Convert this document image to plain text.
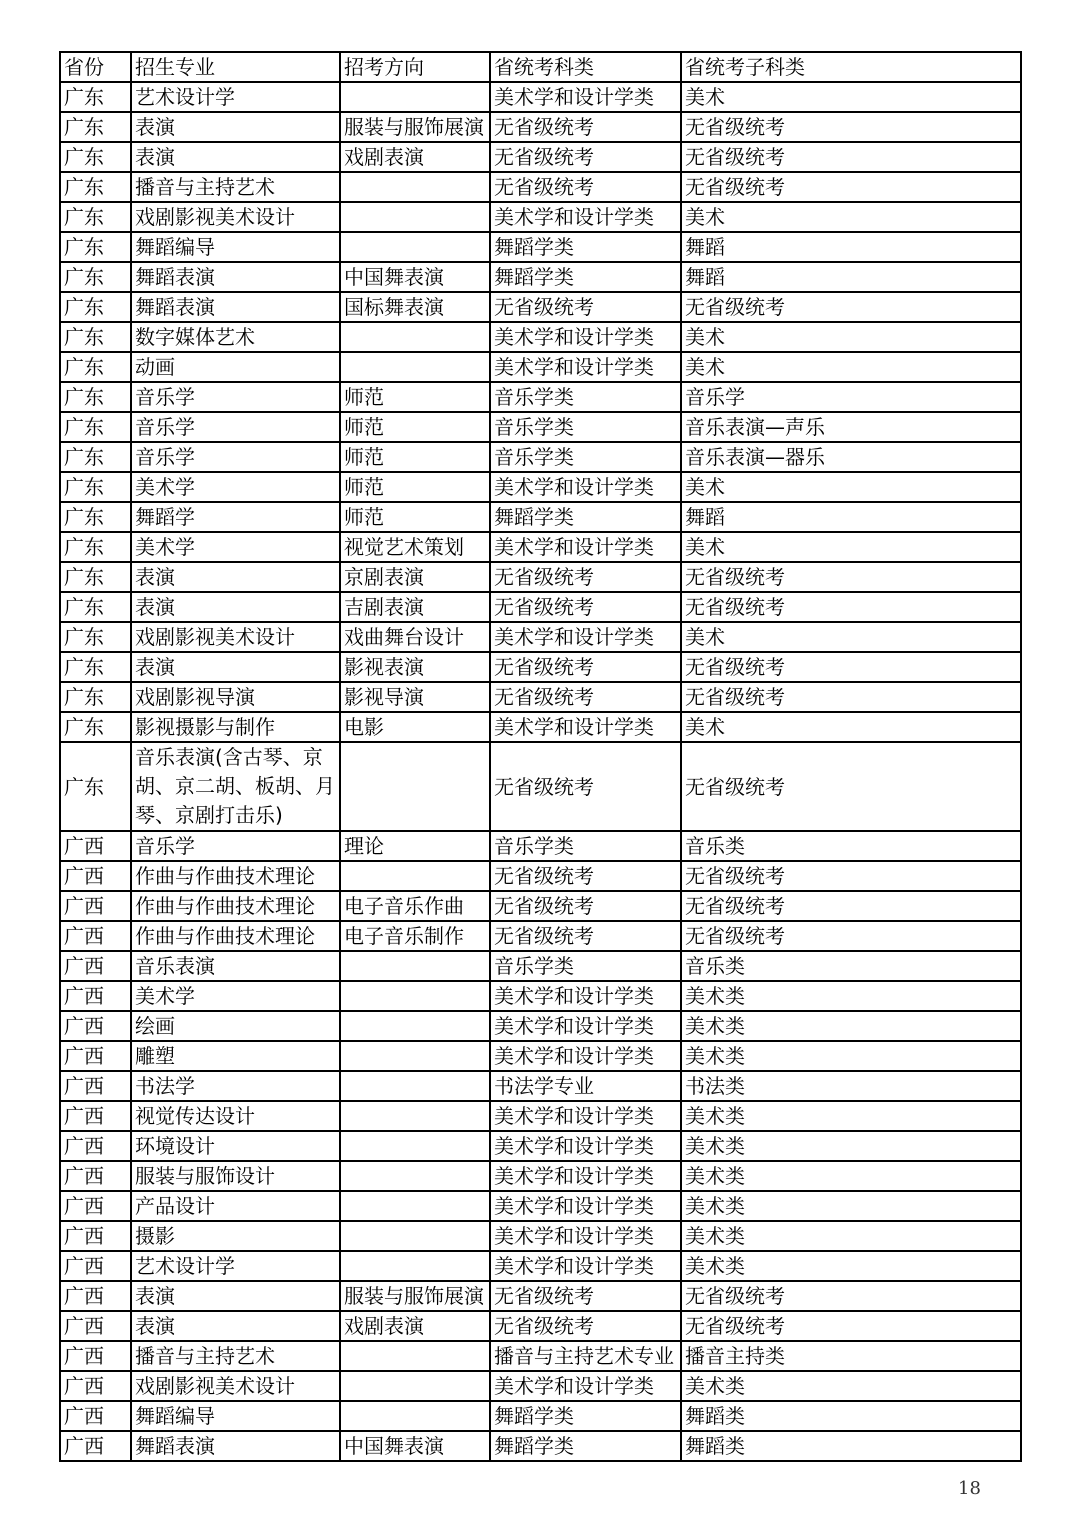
省份	招生专业	招考方向	省统考科类	省统考子科类
广东	艺术设计学		美术学和设计学类	美术
广东	表演	服装与服饰展演	无省级统考	无省级统考
广东	表演	戏剧表演	无省级统考	无省级统考
广东	播音与主持艺术		无省级统考	无省级统考
广东	戏剧影视美术设计		美术学和设计学类	美术
广东	舞蹈编导		舞蹈学类	舞蹈
广东	舞蹈表演	中国舞表演	舞蹈学类	舞蹈
广东	舞蹈表演	国标舞表演	无省级统考	无省级统考
广东	数字媒体艺术		美术学和设计学类	美术
广东	动画		美术学和设计学类	美术
广东	音乐学	师范	音乐学类	音乐学
广东	音乐学	师范	音乐学类	音乐表演—声乐
广东	音乐学	师范	音乐学类	音乐表演—器乐
广东	美术学	师范	美术学和设计学类	美术
广东	舞蹈学	师范	舞蹈学类	舞蹈
广东	美术学	视觉艺术策划	美术学和设计学类	美术
广东	表演	京剧表演	无省级统考	无省级统考
广东	表演	吉剧表演	无省级统考	无省级统考
广东	戏剧影视美术设计	戏曲舞台设计	美术学和设计学类	美术
广东	表演	影视表演	无省级统考	无省级统考
广东	戏剧影视导演	影视导演	无省级统考	无省级统考
广东	影视摄影与制作	电影	美术学和设计学类	美术
广东	音乐表演(含古琴、京胡、京二胡、板胡、月琴、京剧打击乐)		无省级统考	无省级统考
广西	音乐学	理论	音乐学类	音乐类
广西	作曲与作曲技术理论		无省级统考	无省级统考
广西	作曲与作曲技术理论	电子音乐作曲	无省级统考	无省级统考
广西	作曲与作曲技术理论	电子音乐制作	无省级统考	无省级统考
广西	音乐表演		音乐学类	音乐类
广西	美术学		美术学和设计学类	美术类
广西	绘画		美术学和设计学类	美术类
广西	雕塑		美术学和设计学类	美术类
广西	书法学		书法学专业	书法类
广西	视觉传达设计		美术学和设计学类	美术类
广西	环境设计		美术学和设计学类	美术类
广西	服装与服饰设计		美术学和设计学类	美术类
广西	产品设计		美术学和设计学类	美术类
广西	摄影		美术学和设计学类	美术类
广西	艺术设计学		美术学和设计学类	美术类
广西	表演	服装与服饰展演	无省级统考	无省级统考
广西	表演	戏剧表演	无省级统考	无省级统考
广西	播音与主持艺术		播音与主持艺术专业	播音主持类
广西	戏剧影视美术设计		美术学和设计学类	美术类
广西	舞蹈编导		舞蹈学类	舞蹈类
广西	舞蹈表演	中国舞表演	舞蹈学类	舞蹈类
18
